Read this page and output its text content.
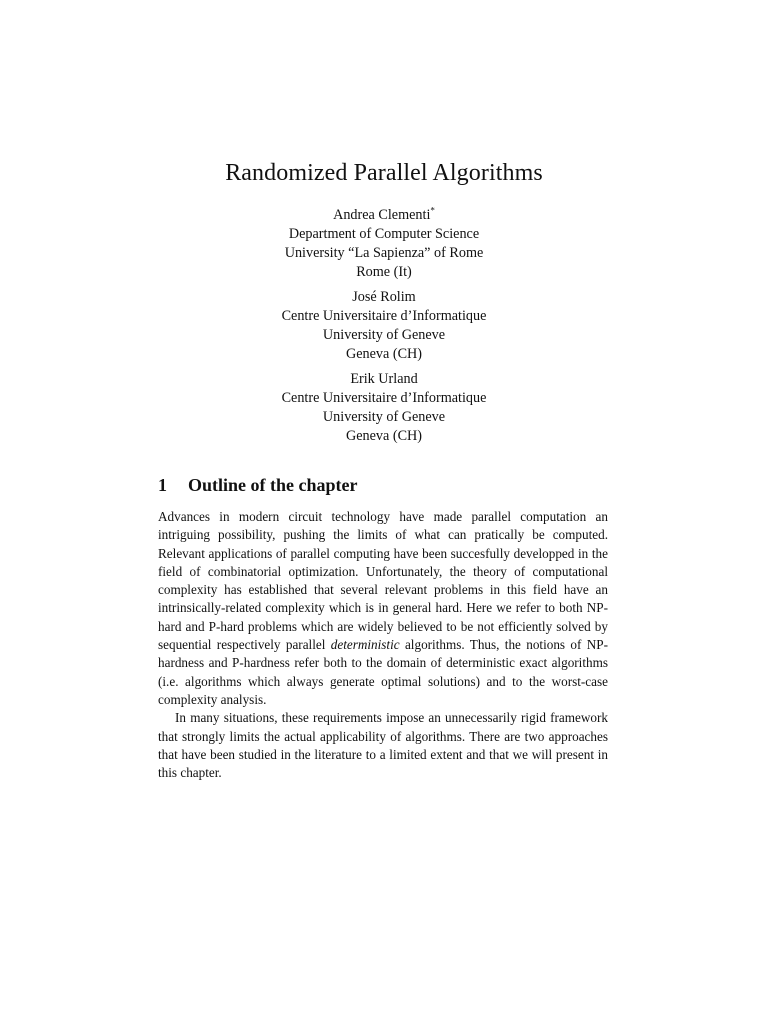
Randomized Parallel Algorithms
Andrea Clementi*
Department of Computer Science
University “La Sapienza” of Rome
Rome (It)
José Rolim
Centre Universitaire d’Informatique
University of Geneve
Geneva (CH)
Erik Urland
Centre Universitaire d’Informatique
University of Geneve
Geneva (CH)
1 Outline of the chapter

Advances in modern circuit technology have made parallel computation an intriguing possibility, pushing the limits of what can pratically be computed. Relevant applications of parallel computing have been succesfully developped in the field of combinatorial optimization. Unfortunately, the theory of computational complexity has established that several relevant problems in this field have an intrinsically-related complexity which is in general hard. Here we refer to both NP-hard and P-hard problems which are widely believed to be not efficiently solved by sequential respectively parallel deterministic algorithms. Thus, the notions of NP-hardness and P-hardness refer both to the domain of deterministic exact algorithms (i.e. algorithms which always generate optimal solutions) and to the worst-case complexity analysis.

In many situations, these requirements impose an unnecessarily rigid framework that strongly limits the actual applicability of algorithms. There are two approaches that have been studied in the literature to a limited extent and that we will present in this chapter.
